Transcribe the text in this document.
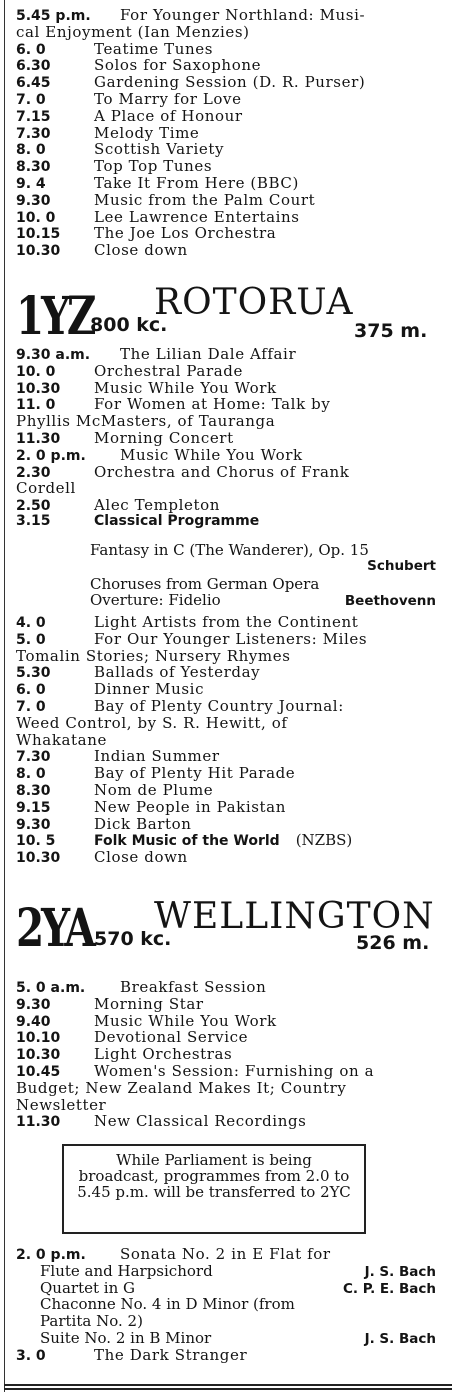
5.45 p.m.	For Younger Northland: Musi-
cal Enjoyment (Ian Menzies)
6. 0	Teatime Tunes
6.30	Solos for Saxophone
6.45	Gardening Session (D. R. Purser)
7. 0	To Marry for Love
7.15	A Place of Honour
7.30	Melody Time
8. 0	Scottish Variety
8.30	Top Top Tunes
9. 4	Take It From Here (BBC)
9.30	Music from the Palm Court
10. 0	Lee Lawrence Entertains
10.15	The Joe Los Orchestra
10.30	Close down
1YZ
800 kc.
ROTORUA
375 m.
9.30 a.m.	The Lilian Dale Affair
10. 0	Orchestral Parade
10.30	Music While You Work
11. 0	For Women at Home: Talk by
Phyllis McMasters, of Tauranga
11.30	Morning Concert
2. 0 p.m.	Music While You Work
2.30	Orchestra and Chorus of Frank
Cordell
2.50	Alec Templeton
3.15	Classical Programme
Fantasy in C (The Wanderer), Op. 15
Schubert
Choruses from German Opera
Overture: Fidelio	Beethovenn
4. 0	Light Artists from the Continent
5. 0	For Our Younger Listeners: Miles
Tomalin Stories; Nursery Rhymes
5.30	Ballads of Yesterday
6. 0	Dinner Music
7. 0	Bay of Plenty Country Journal:
Weed Control, by S. R. Hewitt, of
Whakatane
7.30	Indian Summer
8. 0	Bay of Plenty Hit Parade
8.30	Nom de Plume
9.15	New People in Pakistan
9.30	Dick Barton
10. 5	Folk Music of the World (NZBS)
10.30	Close down
2YA 570 kc.
WELLINGTON
526 m.
5. 0 a.m.	Breakfast Session
9.30	Morning Star
9.40	Music While You Work
10.10	Devotional Service
10.30	Light Orchestras
10.45	Women's Session: Furnishing on a
Budget; New Zealand Makes It; Country
Newsletter
11.30	New Classical Recordings

While Parliament is being broadcast, programmes from 2.0 to 5.45 p.m. will be transferred to 2YC

2. 0 p.m.	Sonata No. 2 in E Flat for
Flute and Harpsichord	J. S. Bach
Quartet in G	C. P. E. Bach
Chaconne No. 4 in D Minor (from
Partita No. 2)
Suite No. 2 in B Minor	J. S. Bach
3. 0	The Dark Stranger
